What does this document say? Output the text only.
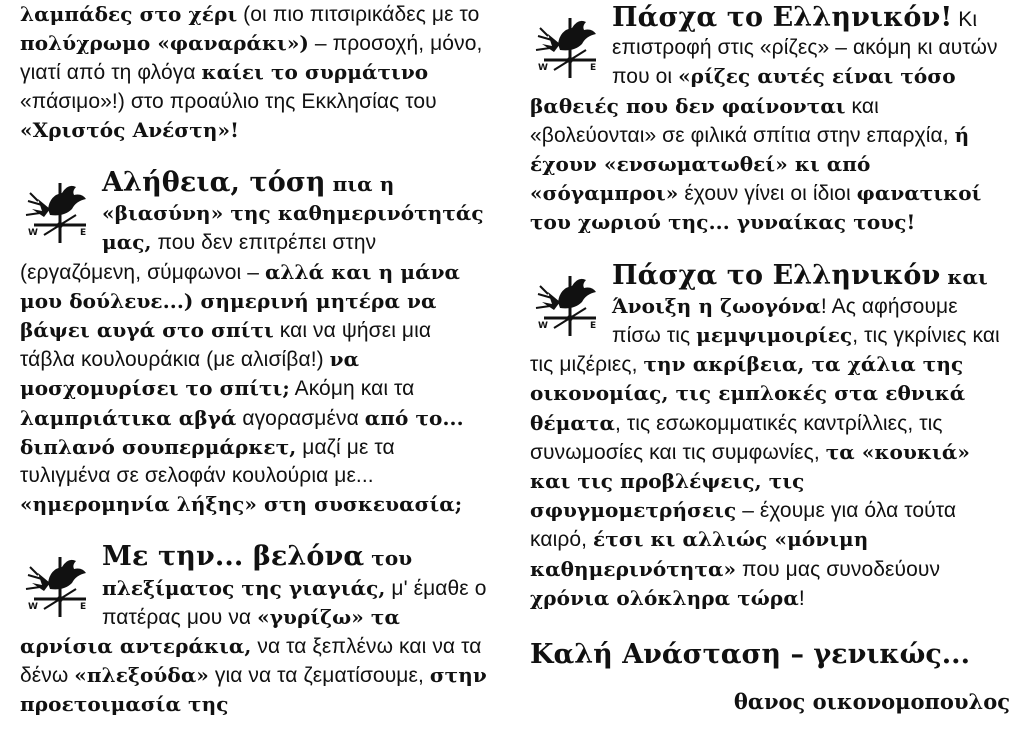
λαμπάδες στο χέρι (οι πιο πιτσιρικάδες με το πολύχρωμο «φαναράκι») – προσοχή, μόνο, γιατί από τη φλόγα καίει το συρμάτινο «πάσιμο»!) στο προαύλιο της Εκκλησίας του «Χριστός Ανέστη»!

Αλήθεια, τόση πια η «βιασύνη» της καθημερινότητάς μας, που δεν επιτρέπει στην (εργαζόμενη, σύμφωνοι – αλλά και η μάνα μου δούλευε...) σημερινή μητέρα να βάψει αυγά στο σπίτι και να ψήσει μια τάβλα κουλουράκια (με αλισίβα!) να μοσχομυρίσει το σπίτι; Ακόμη και τα λαμπριάτικα αβγά αγορασμένα από το... διπλανό σουπερμάρκετ, μαζί με τα τυλιγμένα σε σελοφάν κουλούρια με... «ημερομηνία λήξης» στη συσκευασία;

Με την... βελόνα του πλεξίματος της γιαγιάς, μ' έμαθε ο πατέρας μου να «γυρίζω» τα αρνίσια αντεράκια, να τα ξεπλένω και να τα δένω «πλεξούδα» για να τα ζεματίσουμε, στην προετοιμασία της

Πάσχα το Ελληνικόν! Κι επιστροφή στις «ρίζες» – ακόμη κι αυτών που οι «ρίζες αυτές είναι τόσο βαθειές που δεν φαίνονται και «βολεύονται» σε φιλικά σπίτια στην επαρχία, ή έχουν «ενσωματωθεί» κι από «σόγαμπροι» έχουν γίνει οι ίδιοι φανατικοί του χωριού της... γυναίκας τους!

Πάσχα το Ελληνικόν και Άνοιξη η ζωογόνα! Ας αφήσουμε πίσω τις μεμψιμοιρίες, τις γκρίνιες και τις μιζέριες, την ακρίβεια, τα χάλια της οικονομίας, τις εμπλοκές στα εθνικά θέματα, τις εσωκομματικές καντρίλλιες, τις συνωμοσίες και τις συμφωνίες, τα «κουκιά» και τις προβλέψεις, τις σφυγμομετρήσεις – έχουμε για όλα τούτα καιρό, έτσι κι αλλιώς «μόνιμη καθημερινότητα» που μας συνοδεύουν χρόνια ολόκληρα τώρα!

Καλή Ανάσταση – γενικώς...

θανος οικονομοπουλος
